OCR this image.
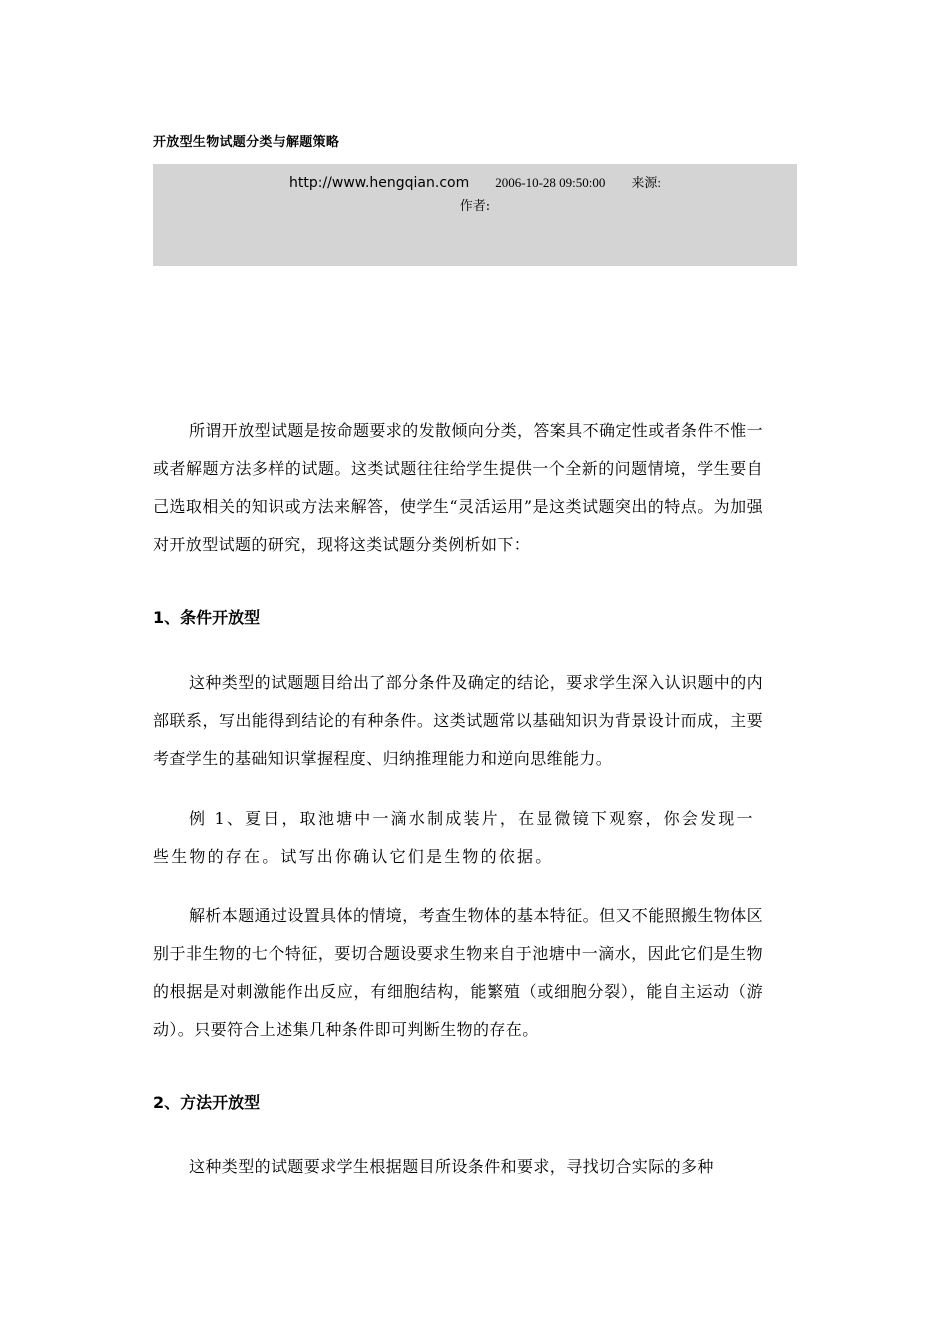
开放型生物试题分类与解题策略
http://www.hengqian.com 2006-10-28 09:50:00 来源:
作者:

所谓开放型试题是按命题要求的发散倾向分类，答案具不确定性或者条件不惟一或者解题方法多样的试题。这类试题往往给学生提供一个全新的问题情境，学生要自己选取相关的知识或方法来解答，使学生“灵活运用”是这类试题突出的特点。为加强对开放型试题的研究，现将这类试题分类例析如下：

1、条件开放型

这种类型的试题题目给出了部分条件及确定的结论，要求学生深入认识题中的内部联系，写出能得到结论的有种条件。这类试题常以基础知识为背景设计而成，主要考查学生的基础知识掌握程度、归纳推理能力和逆向思维能力。

例 1、夏日，取池塘中一滴水制成装片，在显微镜下观察，你会发现一些生物的存在。试写出你确认它们是生物的依据。

解析本题通过设置具体的情境，考查生物体的基本特征。但又不能照搬生物体区别于非生物的七个特征，要切合题设要求生物来自于池塘中一滴水，因此它们是生物的根据是对刺激能作出反应，有细胞结构，能繁殖（或细胞分裂），能自主运动（游动）。只要符合上述集几种条件即可判断生物的存在。

2、方法开放型

这种类型的试题要求学生根据题目所设条件和要求，寻找切合实际的多种
